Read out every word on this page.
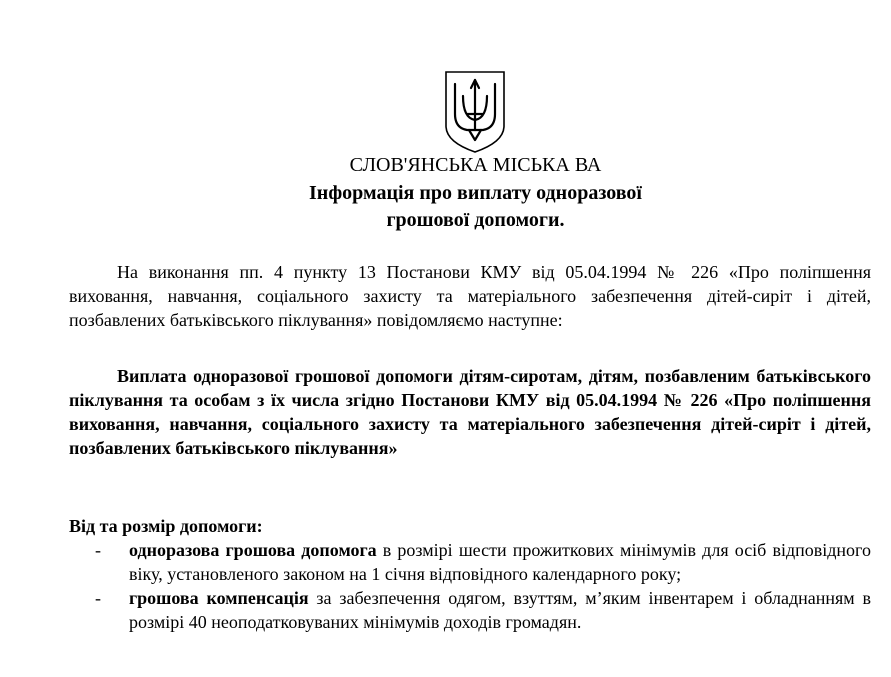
СЛОВ'ЯНСЬКА МІСЬКА ВА

Інформація про виплату одноразової
грошової допомоги.

На виконання пп. 4 пункту 13 Постанови КМУ від 05.04.1994 № 226 «Про поліпшення виховання, навчання, соціального захисту та матеріального забезпечення дітей-сиріт і дітей, позбавлених батьківського піклування» повідомляємо наступне:

Виплата одноразової грошової допомоги дітям-сиротам, дітям, позбавленим батьківського піклування та особам з їх числа згідно Постанови КМУ від 05.04.1994 № 226 «Про поліпшення виховання, навчання, соціального захисту та матеріального забезпечення дітей-сиріт і дітей, позбавлених батьківського піклування»

Від та розмір допомоги:

- одноразова грошова допомога в розмірі шести прожиткових мінімумів для осіб відповідного віку, установленого законом на 1 січня відповідного календарного року;
- грошова компенсація за забезпечення одягом, взуттям, м’яким інвентарем і обладнанням в розмірі 40 неоподатковуваних мінімумів доходів громадян.
